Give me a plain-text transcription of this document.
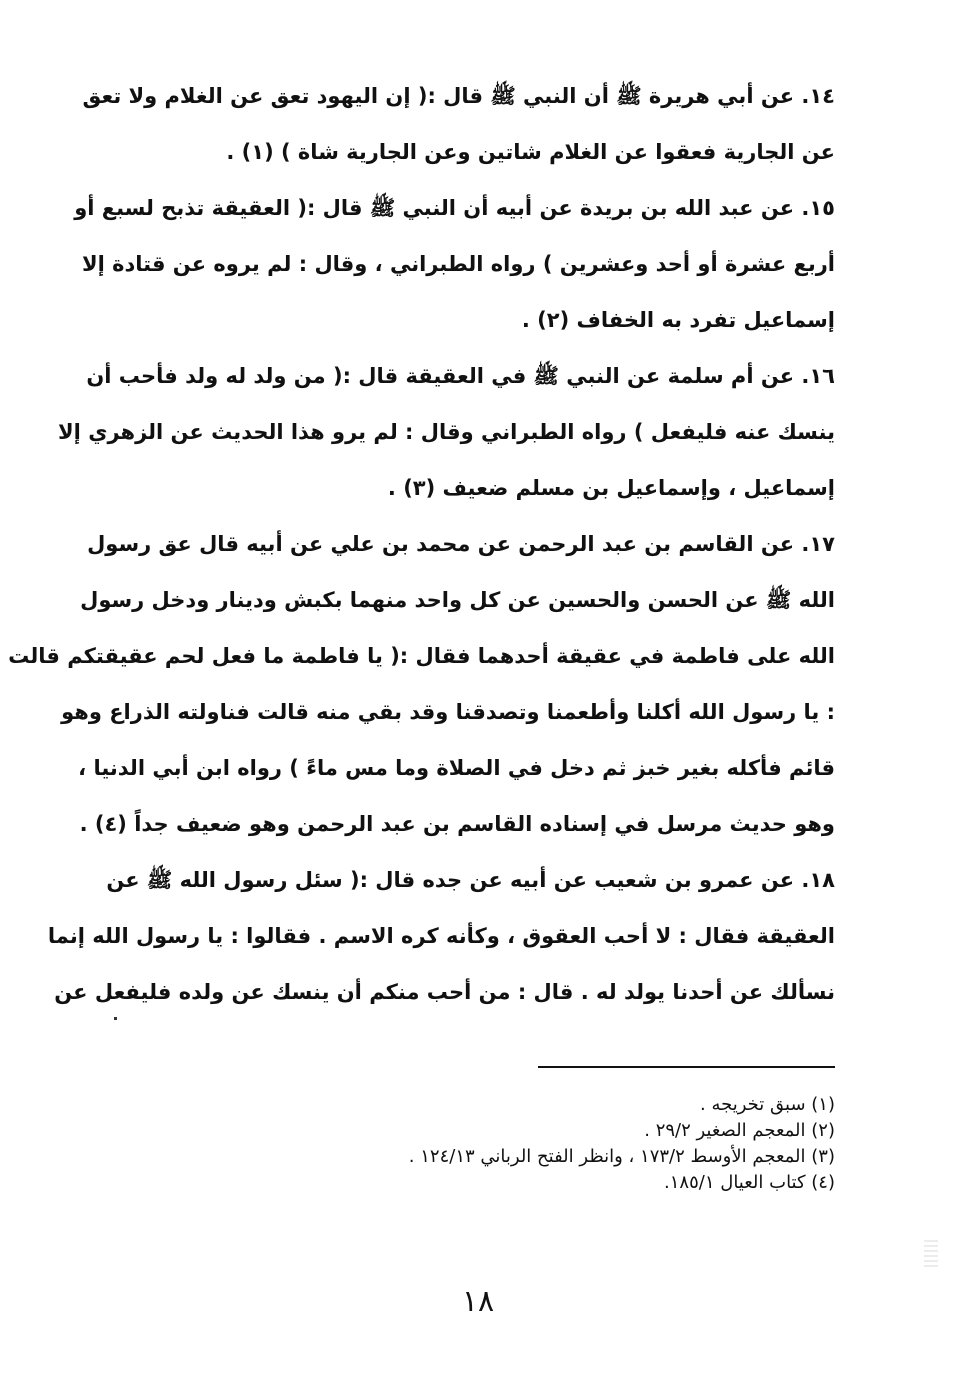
١٤. عن أبي هريرة ﷺ أن النبي ﷺ قال :( إن اليهود تعق عن الغلام ولا تعق
عن الجارية فعقوا عن الغلام شاتين وعن الجارية شاة ) (١) .

١٥. عن عبد الله بن بريدة عن أبيه أن النبي ﷺ قال :( العقيقة تذبح لسبع أو
أربع عشرة أو أحد وعشرين ) رواه الطبراني ، وقال : لم يروه عن قتادة إلا
إسماعيل تفرد به الخفاف (٢) .

١٦. عن أم سلمة عن النبي ﷺ في العقيقة قال :( من ولد له ولد فأحب أن
ينسك عنه فليفعل ) رواه الطبراني وقال : لم يرو هذا الحديث عن الزهري إلا
إسماعيل ، وإسماعيل بن مسلم ضعيف (٣) .

١٧. عن القاسم بن عبد الرحمن عن محمد بن علي عن أبيه قال عق رسول
الله ﷺ عن الحسن والحسين عن كل واحد منهما بكبش ودينار ودخل رسول
الله على فاطمة في عقيقة أحدهما فقال :( يا فاطمة ما فعل لحم عقيقتكم قالت
: يا رسول الله أكلنا وأطعمنا وتصدقنا وقد بقي منه قالت فناولته الذراع وهو
قائم فأكله بغير خبز ثم دخل في الصلاة وما مس ماءً ) رواه ابن أبي الدنيا ،
وهو حديث مرسل في إسناده القاسم بن عبد الرحمن وهو ضعيف جداً (٤) .

١٨. عن عمرو بن شعيب عن أبيه عن جده قال :( سئل رسول الله ﷺ عن
العقيقة فقال : لا أحب العقوق ، وكأنه كره الاسم . فقالوا : يا رسول الله إنما
نسألك عن أحدنا يولد له . قال : من أحب منكم أن ينسك عن ولده فليفعل عن

(١) سبق تخريجه .
(٢) المعجم الصغير ٢٩/٢ .
(٣) المعجم الأوسط ١٧٣/٢ ، وانظر الفتح الرباني ١٢٤/١٣ .
(٤) كتاب العيال ١٨٥/١.
١٨
